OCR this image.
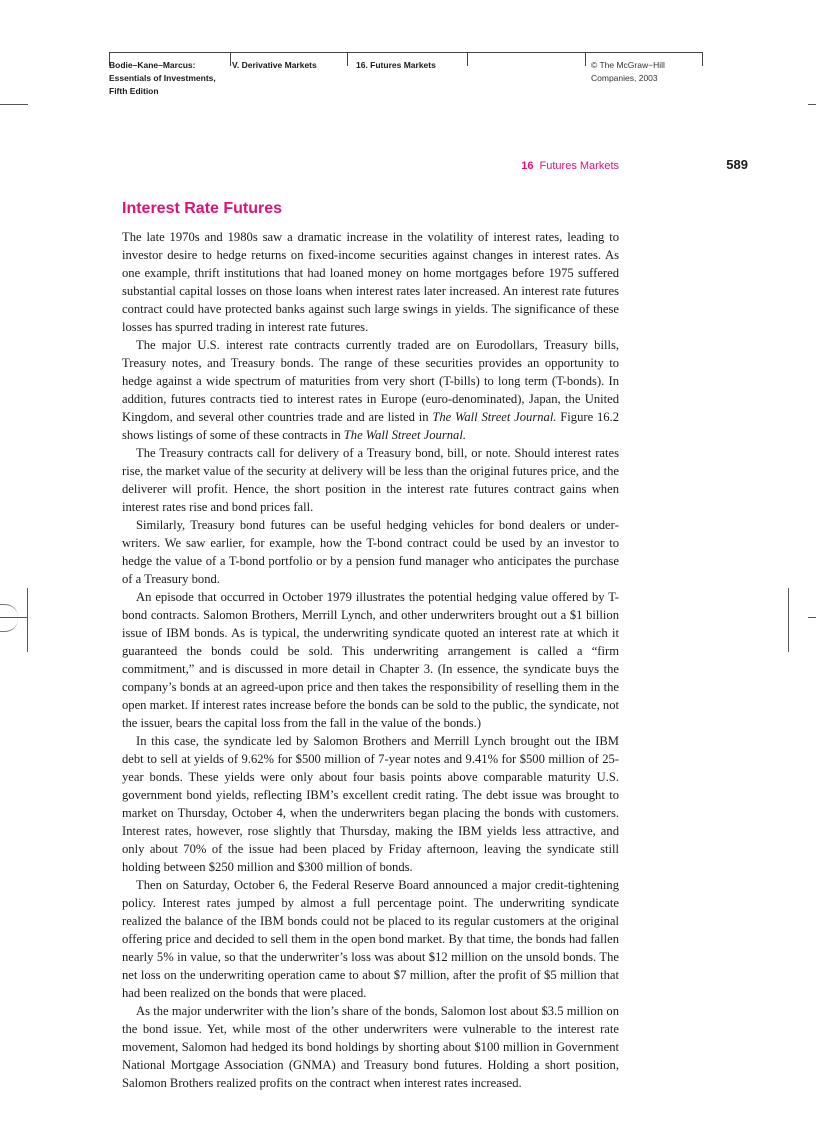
Bodie–Kane–Marcus:
Essentials of Investments,
Fifth Edition
V. Derivative Markets	16. Futures Markets	© The McGraw−Hill
Companies, 2003
16 Futures Markets	589
Interest Rate Futures

The late 1970s and 1980s saw a dramatic increase in the volatility of interest rates, leading to investor desire to hedge returns on fixed-income securities against changes in interest rates. As one example, thrift institutions that had loaned money on home mortgages before 1975 suffered substantial capital losses on those loans when interest rates later increased. An interest rate futures contract could have protected banks against such large swings in yields. The significance of these losses has spurred trading in interest rate futures.

The major U.S. interest rate contracts currently traded are on Eurodollars, Treasury bills, Treasury notes, and Treasury bonds. The range of these securities provides an opportunity to hedge against a wide spectrum of maturities from very short (T-bills) to long term (T-bonds). In addition, futures contracts tied to interest rates in Europe (euro-denominated), Japan, the United Kingdom, and several other countries trade and are listed in The Wall Street Journal. Figure 16.2 shows listings of some of these contracts in The Wall Street Journal.

The Treasury contracts call for delivery of a Treasury bond, bill, or note. Should interest rates rise, the market value of the security at delivery will be less than the original futures price, and the deliverer will profit. Hence, the short position in the interest rate futures contract gains when interest rates rise and bond prices fall.

Similarly, Treasury bond futures can be useful hedging vehicles for bond dealers or underwriters. We saw earlier, for example, how the T-bond contract could be used by an investor to hedge the value of a T-bond portfolio or by a pension fund manager who anticipates the purchase of a Treasury bond.

An episode that occurred in October 1979 illustrates the potential hedging value offered by T-bond contracts. Salomon Brothers, Merrill Lynch, and other underwriters brought out a $1 billion issue of IBM bonds. As is typical, the underwriting syndicate quoted an interest rate at which it guaranteed the bonds could be sold. This underwriting arrangement is called a “firm commitment,” and is discussed in more detail in Chapter 3. (In essence, the syndicate buys the company’s bonds at an agreed-upon price and then takes the responsibility of reselling them in the open market. If interest rates increase before the bonds can be sold to the public, the syndicate, not the issuer, bears the capital loss from the fall in the value of the bonds.)

In this case, the syndicate led by Salomon Brothers and Merrill Lynch brought out the IBM debt to sell at yields of 9.62% for $500 million of 7-year notes and 9.41% for $500 million of 25-year bonds. These yields were only about four basis points above comparable maturity U.S. government bond yields, reflecting IBM’s excellent credit rating. The debt issue was brought to market on Thursday, October 4, when the underwriters began placing the bonds with customers. Interest rates, however, rose slightly that Thursday, making the IBM yields less attractive, and only about 70% of the issue had been placed by Friday afternoon, leaving the syndicate still holding between $250 million and $300 million of bonds.

Then on Saturday, October 6, the Federal Reserve Board announced a major credit-tightening policy. Interest rates jumped by almost a full percentage point. The underwriting syndicate realized the balance of the IBM bonds could not be placed to its regular customers at the original offering price and decided to sell them in the open bond market. By that time, the bonds had fallen nearly 5% in value, so that the underwriter’s loss was about $12 million on the unsold bonds. The net loss on the underwriting operation came to about $7 million, after the profit of $5 million that had been realized on the bonds that were placed.

As the major underwriter with the lion’s share of the bonds, Salomon lost about $3.5 million on the bond issue. Yet, while most of the other underwriters were vulnerable to the interest rate movement, Salomon had hedged its bond holdings by shorting about $100 million in Government National Mortgage Association (GNMA) and Treasury bond futures. Holding a short position, Salomon Brothers realized profits on the contract when interest rates increased.
